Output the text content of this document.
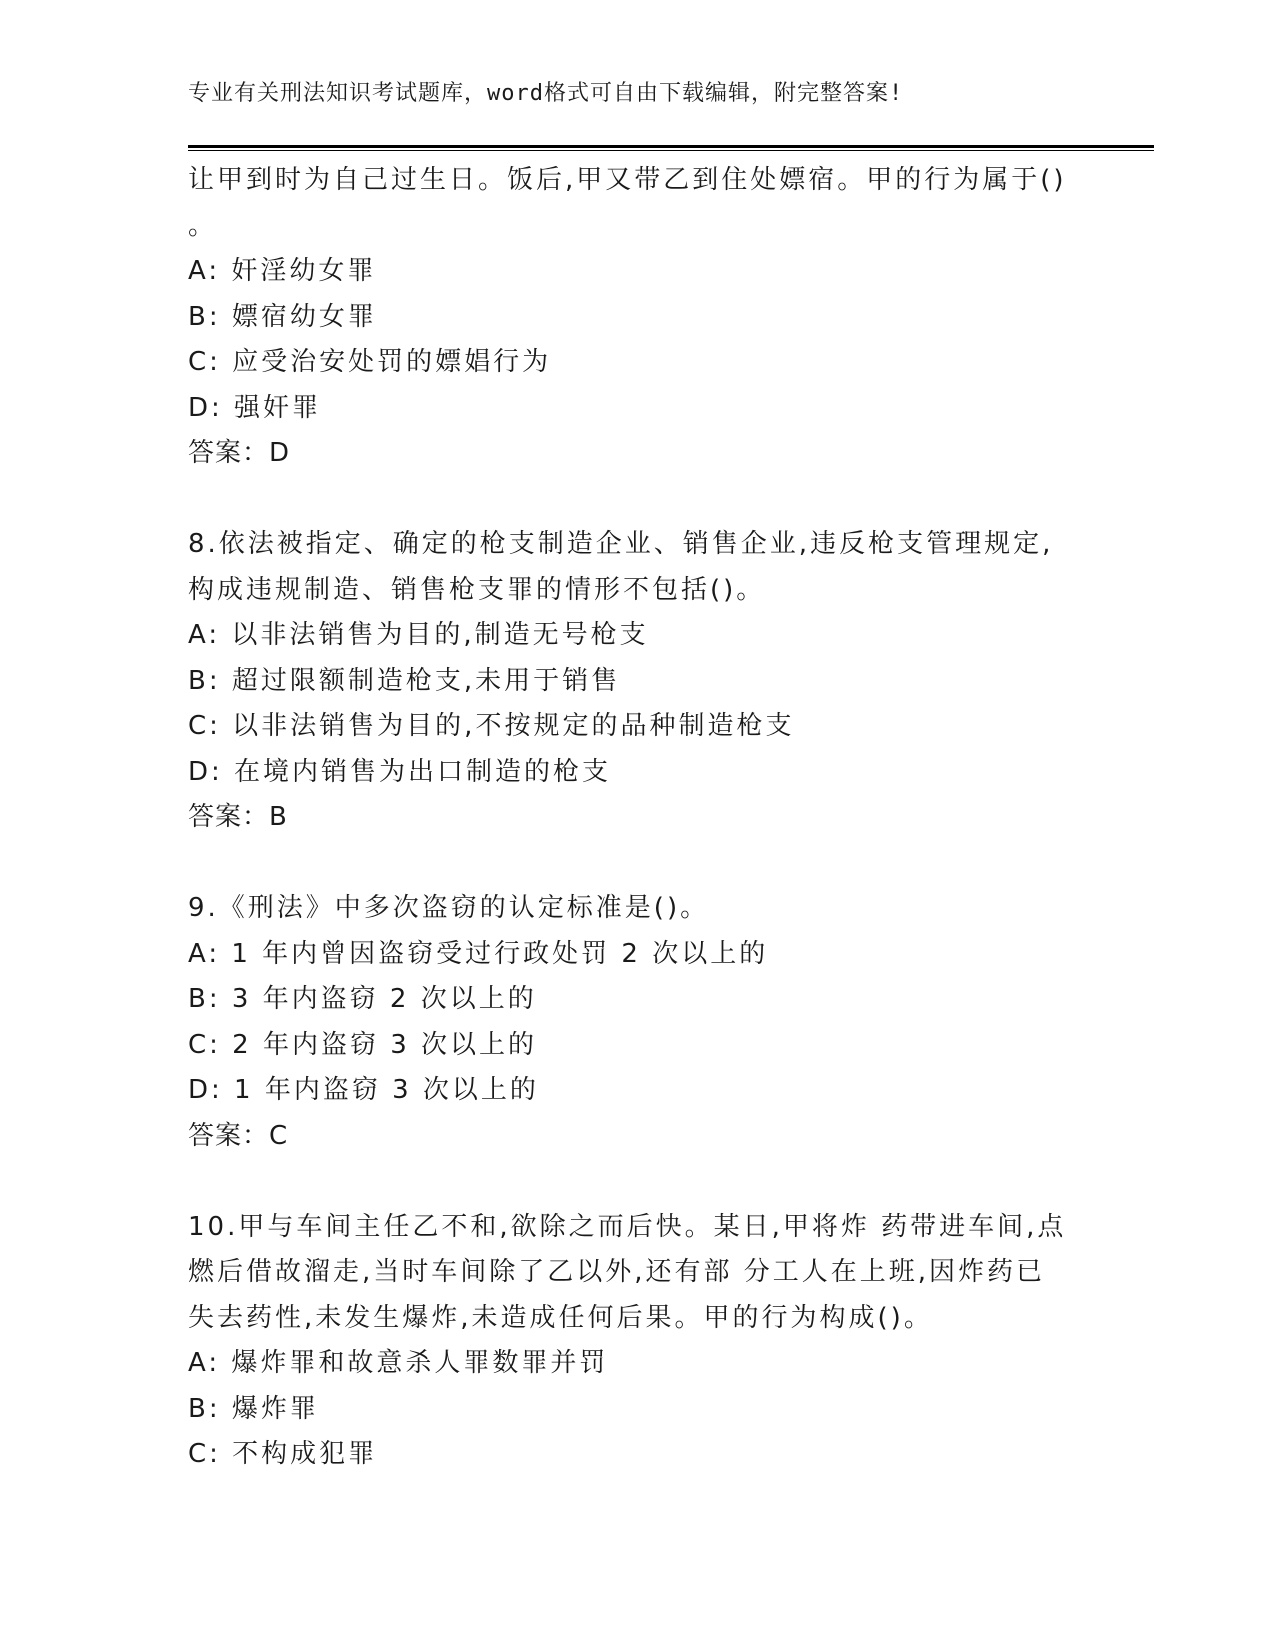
专业有关刑法知识考试题库，word格式可自由下载编辑，附完整答案!
让甲到时为自己过生日。饭后,甲又带乙到住处嫖宿。甲的行为属于()
。
A: 奸淫幼女罪
B: 嫖宿幼女罪
C: 应受治安处罚的嫖娼行为
D: 强奸罪
答案：D
8.依法被指定、确定的枪支制造企业、销售企业,违反枪支管理规定,
构成违规制造、销售枪支罪的情形不包括()。
A: 以非法销售为目的,制造无号枪支
B: 超过限额制造枪支,未用于销售
C: 以非法销售为目的,不按规定的品种制造枪支
D: 在境内销售为出口制造的枪支
答案：B
9.《刑法》中多次盗窃的认定标准是()。
A: 1 年内曾因盗窃受过行政处罚 2 次以上的
B: 3 年内盗窃 2 次以上的
C: 2 年内盗窃 3 次以上的
D: 1 年内盗窃 3 次以上的
答案：C
10.甲与车间主任乙不和,欲除之而后快。某日,甲将炸 药带进车间,点
燃后借故溜走,当时车间除了乙以外,还有部 分工人在上班,因炸药已
失去药性,未发生爆炸,未造成任何后果。甲的行为构成()。
A: 爆炸罪和故意杀人罪数罪并罚
B: 爆炸罪
C: 不构成犯罪
